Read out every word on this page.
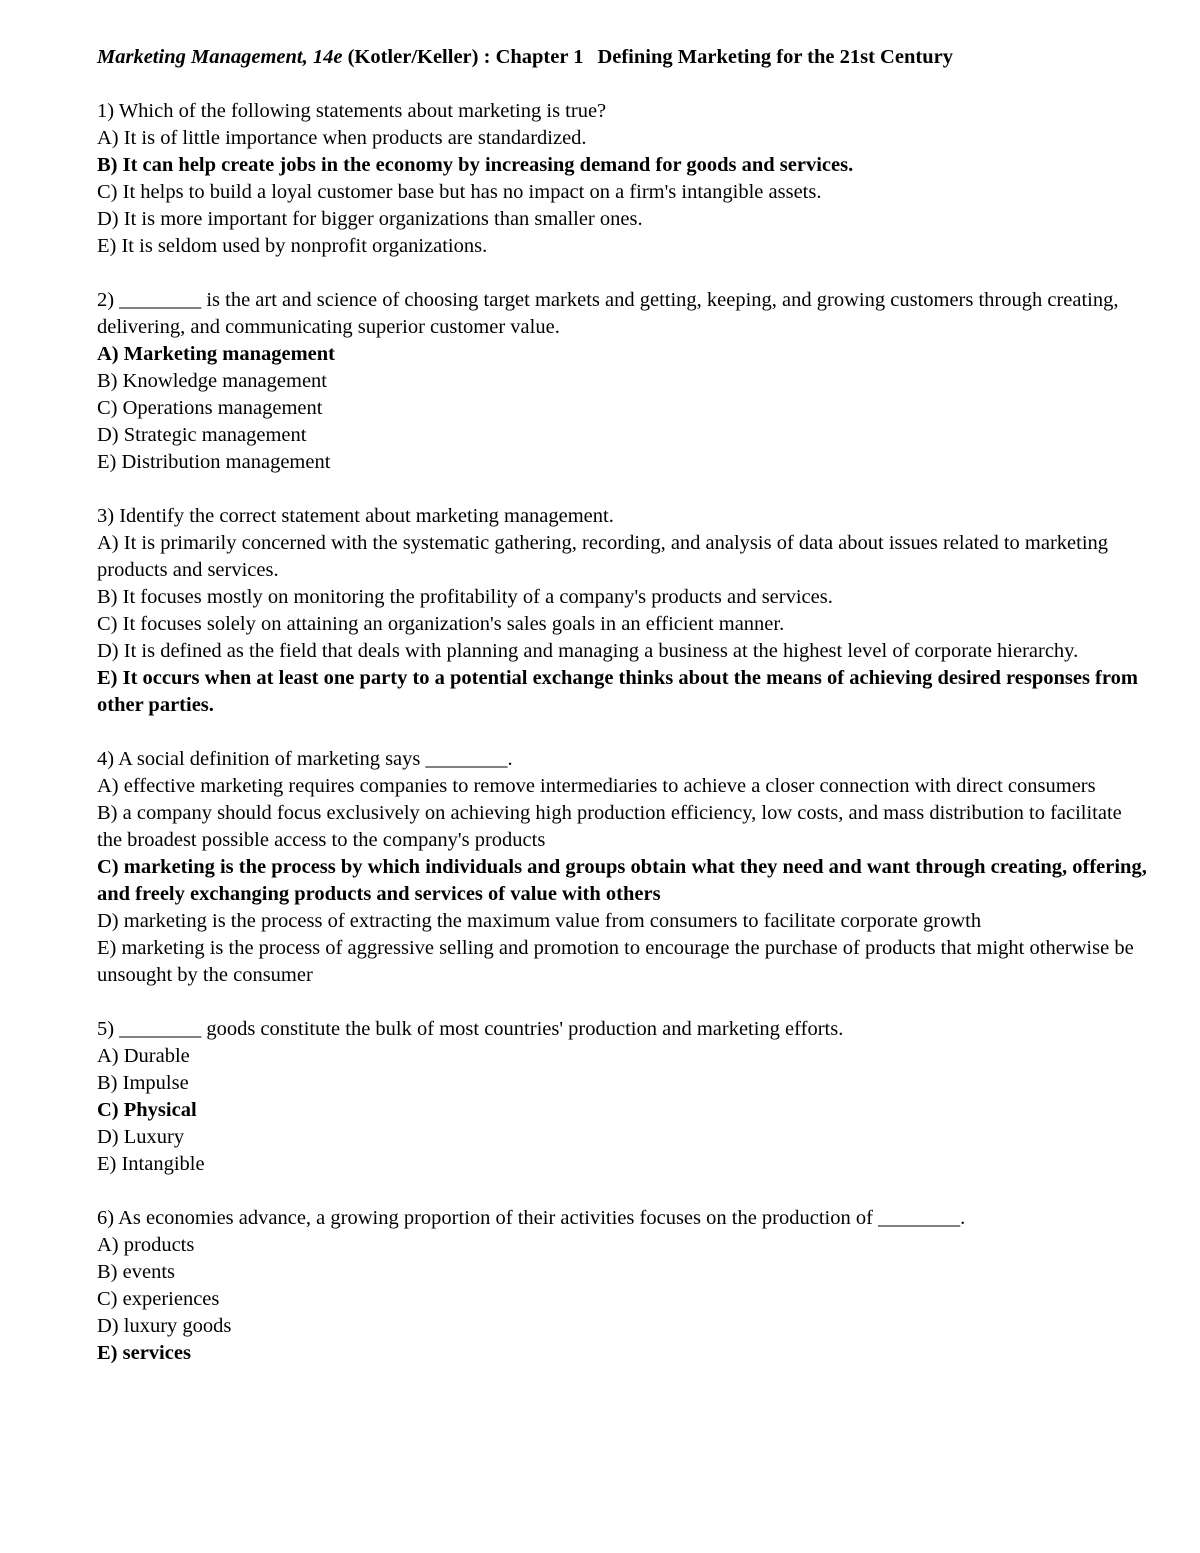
Marketing Management, 14e (Kotler/Keller) : Chapter 1 Defining Marketing for the 21st Century
1) Which of the following statements about marketing is true?
A) It is of little importance when products are standardized.
B) It can help create jobs in the economy by increasing demand for goods and services.
C) It helps to build a loyal customer base but has no impact on a firm's intangible assets.
D) It is more important for bigger organizations than smaller ones.
E) It is seldom used by nonprofit organizations.
2) ________ is the art and science of choosing target markets and getting, keeping, and growing customers through creating, delivering, and communicating superior customer value.
A) Marketing management
B) Knowledge management
C) Operations management
D) Strategic management
E) Distribution management
3) Identify the correct statement about marketing management.
A) It is primarily concerned with the systematic gathering, recording, and analysis of data about issues related to marketing products and services.
B) It focuses mostly on monitoring the profitability of a company's products and services.
C) It focuses solely on attaining an organization's sales goals in an efficient manner.
D) It is defined as the field that deals with planning and managing a business at the highest level of corporate hierarchy.
E) It occurs when at least one party to a potential exchange thinks about the means of achieving desired responses from other parties.
4) A social definition of marketing says ________.
A) effective marketing requires companies to remove intermediaries to achieve a closer connection with direct consumers
B) a company should focus exclusively on achieving high production efficiency, low costs, and mass distribution to facilitate the broadest possible access to the company's products
C) marketing is the process by which individuals and groups obtain what they need and want through creating, offering, and freely exchanging products and services of value with others
D) marketing is the process of extracting the maximum value from consumers to facilitate corporate growth
E) marketing is the process of aggressive selling and promotion to encourage the purchase of products that might otherwise be unsought by the consumer
5) ________ goods constitute the bulk of most countries' production and marketing efforts.
A) Durable
B) Impulse
C) Physical
D) Luxury
E) Intangible
6) As economies advance, a growing proportion of their activities focuses on the production of ________.
A) products
B) events
C) experiences
D) luxury goods
E) services
